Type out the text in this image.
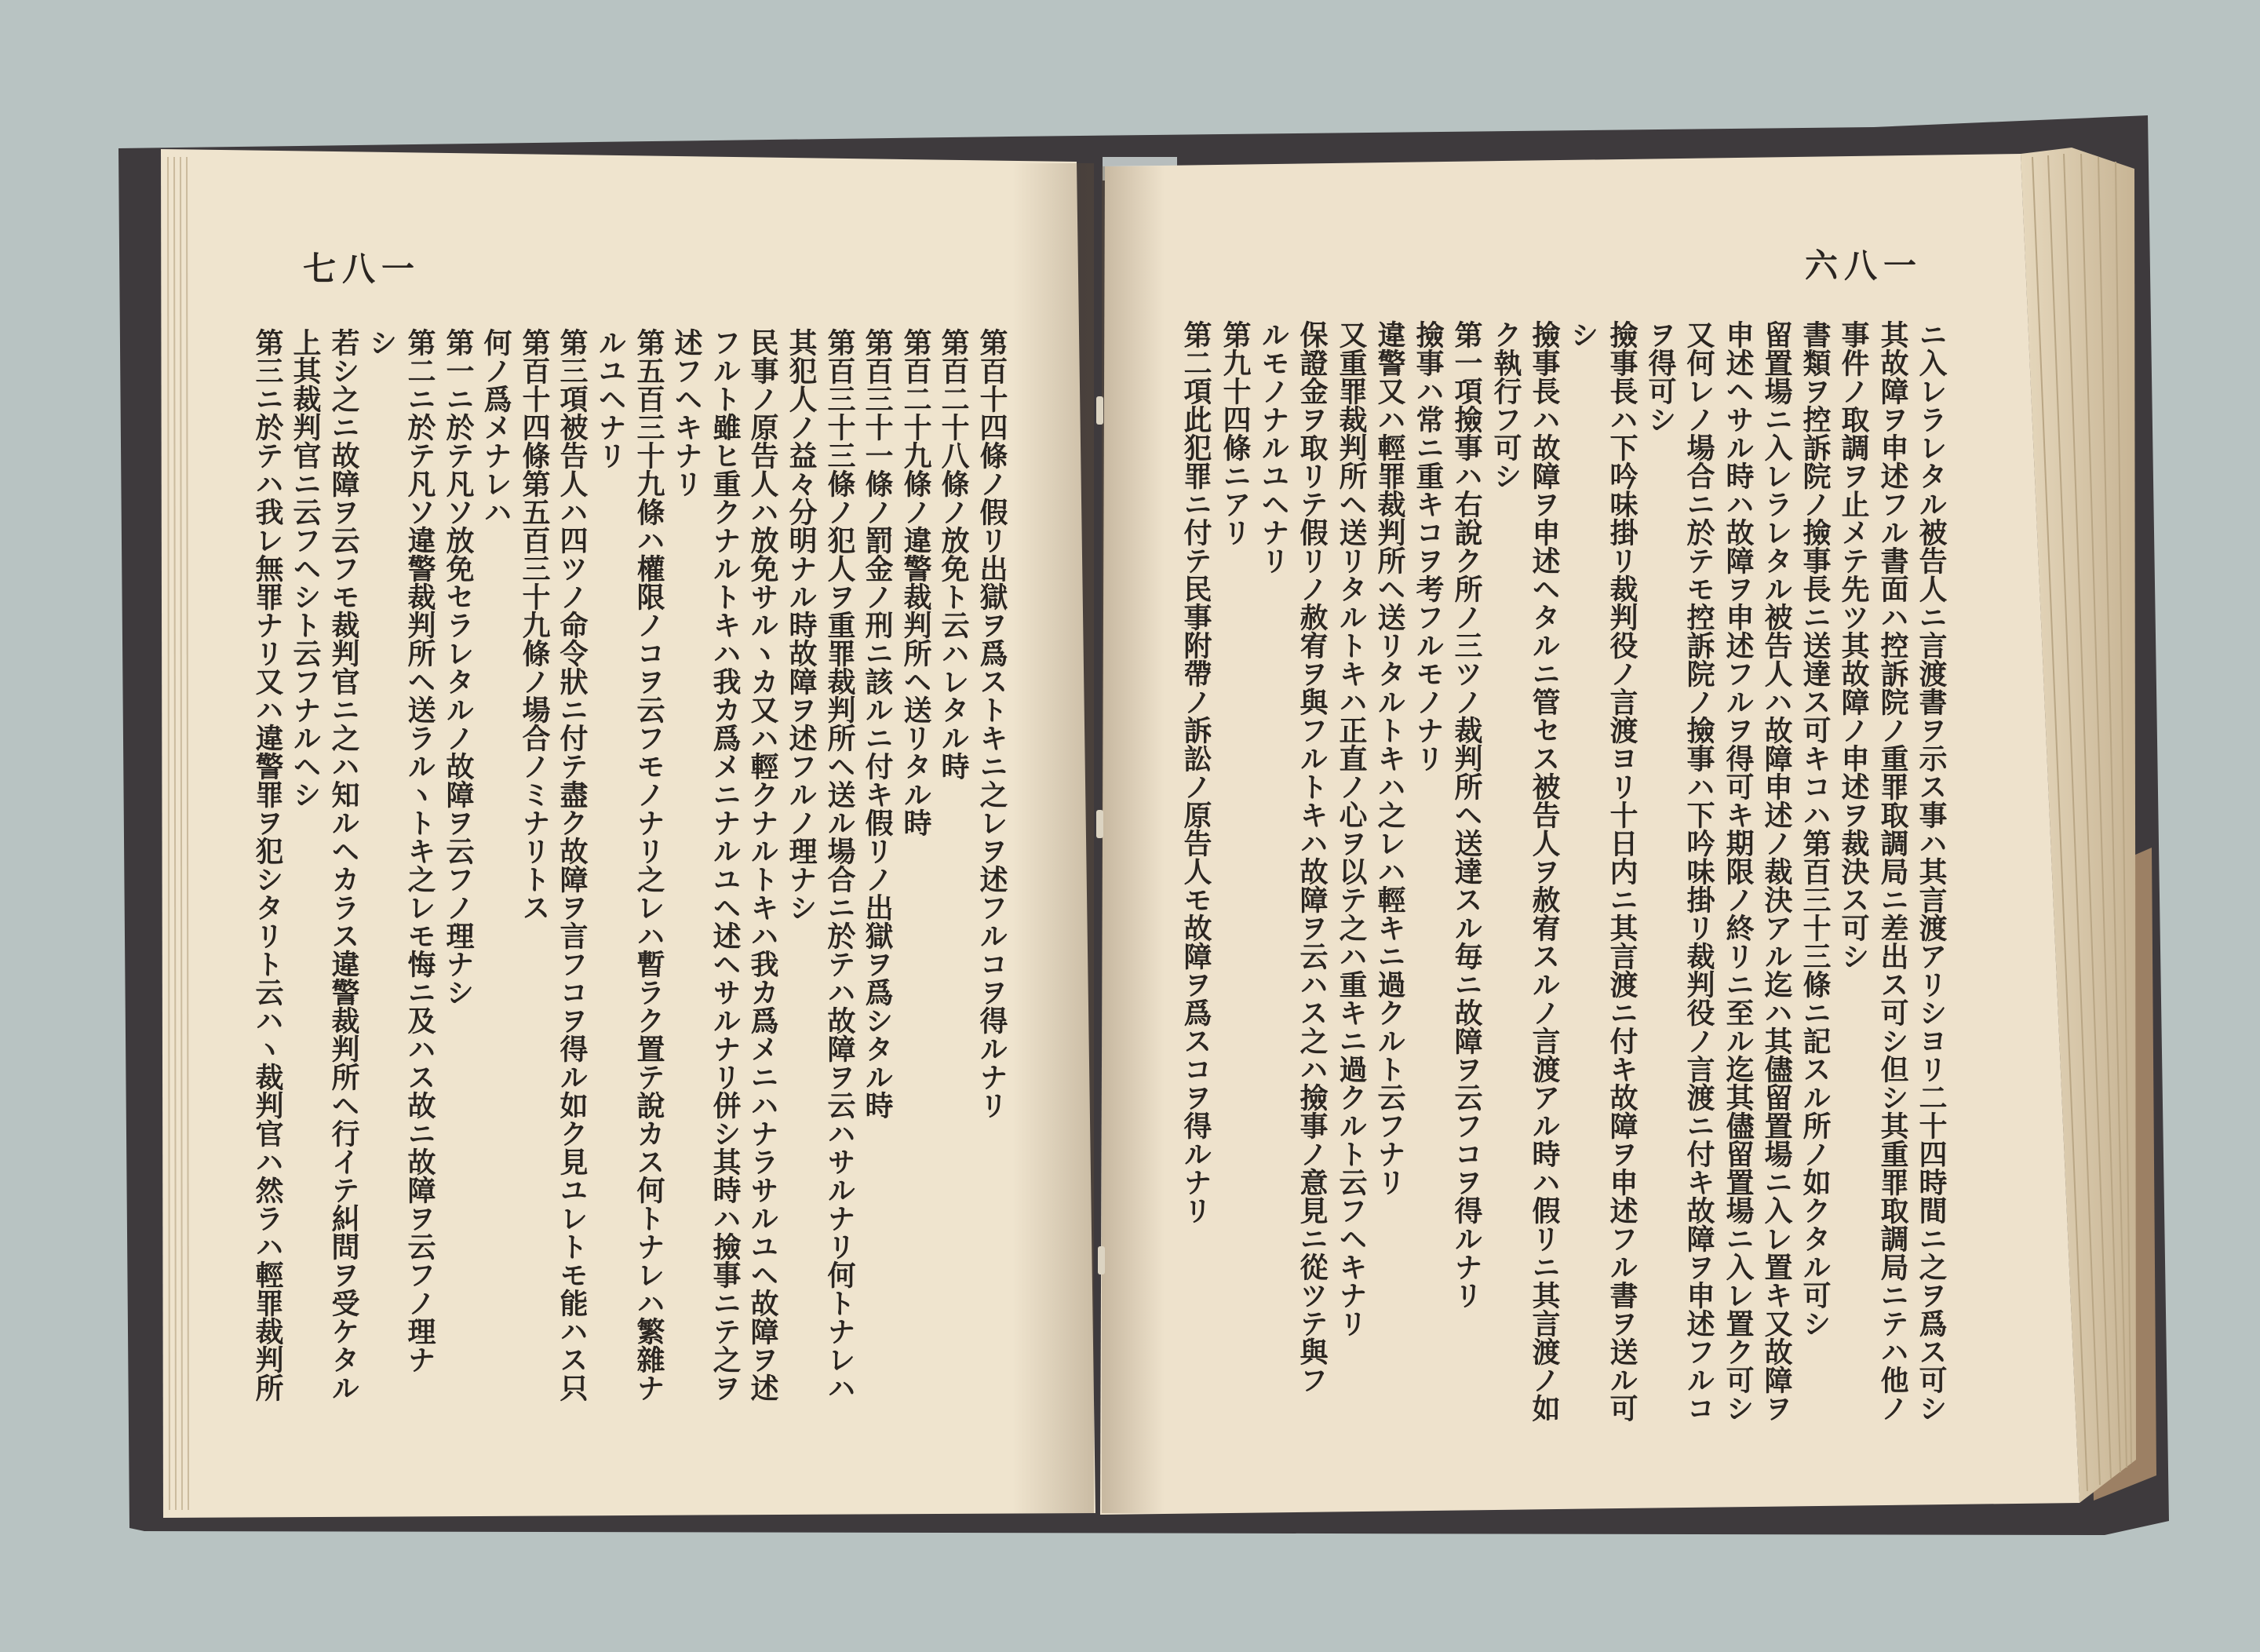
七八一	六八一
第百十四條ノ假リ出獄ヲ爲ストキニ之レヲ述フルコヲ得ルナリ
第百二十八條ノ放免ト云ハレタル時
第百二十九條ノ違警裁判所ヘ送リタル時
第百三十一條ノ罰金ノ刑ニ該ルニ付キ假リノ出獄ヲ爲シタル時
第百三十三條ノ犯人ヲ重罪裁判所ヘ送ル場合ニ於テハ故障ヲ云ハサルナリ何トナレハ
其犯人ノ益々分明ナル時故障ヲ述フルノ理ナシ
民事ノ原告人ハ放免サルヽカ又ハ輕クナルトキハ我カ爲メニハナラサルユヘ故障ヲ述
フルト雖ヒ重クナルトキハ我カ爲メニナルユヘ述ヘサルナリ併シ其時ハ撿事ニテ之ヲ
述フヘキナリ
第五百三十九條ハ權限ノコヲ云フモノナリ之レハ暫ラク置テ說カス何トナレハ繁雜ナ
ルユヘナリ
第三項被告人ハ四ツノ命令狀ニ付テ盡ク故障ヲ言フコヲ得ル如ク見ユレトモ能ハス只
第百十四條第五百三十九條ノ場合ノミナリトス
何ノ爲メナレハ
第一ニ於テ凡ソ放免セラレタルノ故障ヲ云フノ理ナシ
第二ニ於テ凡ソ違警裁判所ヘ送ラルヽトキ之レモ悔ニ及ハス故ニ故障ヲ云フノ理ナ
シ
若シ之ニ故障ヲ云フモ裁判官ニ之ハ知ルヘカラス違警裁判所ヘ行イテ糾問ヲ受ケタル
上其裁判官ニ云フヘシト云フナルヘシ
第三ニ於テハ我レ無罪ナリ又ハ違警罪ヲ犯シタリト云ハヽ裁判官ハ然ラハ輕罪裁判所	ニ入レラレタル被告人ニ言渡書ヲ示ス事ハ其言渡アリシヨリ二十四時間ニ之ヲ爲ス可シ
其故障ヲ申述フル書面ハ控訴院ノ重罪取調局ニ差出ス可シ但シ其重罪取調局ニテハ他ノ
事件ノ取調ヲ止メテ先ツ其故障ノ申述ヲ裁決ス可シ
書類ヲ控訴院ノ撿事長ニ送達ス可キコハ第百三十三條ニ記スル所ノ如クタル可シ
留置場ニ入レラレタル被告人ハ故障申述ノ裁決アル迄ハ其儘留置場ニ入レ置キ又故障ヲ
申述ヘサル時ハ故障ヲ申述フルヲ得可キ期限ノ終リニ至ル迄其儘留置場ニ入レ置ク可シ
又何レノ場合ニ於テモ控訴院ノ撿事ハ下吟味掛リ裁判役ノ言渡ニ付キ故障ヲ申述フルコ
ヲ得可シ
撿事長ハ下吟味掛リ裁判役ノ言渡ヨリ十日内ニ其言渡ニ付キ故障ヲ申述フル書ヲ送ル可
シ
撿事長ハ故障ヲ申述ヘタルニ管セス被告人ヲ赦宥スルノ言渡アル時ハ假リニ其言渡ノ如
ク執行フ可シ
第一項撿事ハ右說ク所ノ三ツノ裁判所ヘ送達スル毎ニ故障ヲ云フコヲ得ルナリ
撿事ハ常ニ重キコヲ考フルモノナリ
違警又ハ輕罪裁判所ヘ送リタルトキハ之レハ輕キニ過クルト云フナリ
又重罪裁判所ヘ送リタルトキハ正直ノ心ヲ以テ之ハ重キニ過クルト云フヘキナリ
保證金ヲ取リテ假リノ赦宥ヲ與フルトキハ故障ヲ云ハス之ハ撿事ノ意見ニ從ツテ與フ
ルモノナルユヘナリ
第九十四條ニアリ
第二項此犯罪ニ付テ民事附帶ノ訴訟ノ原告人モ故障ヲ爲スコヲ得ルナリ
